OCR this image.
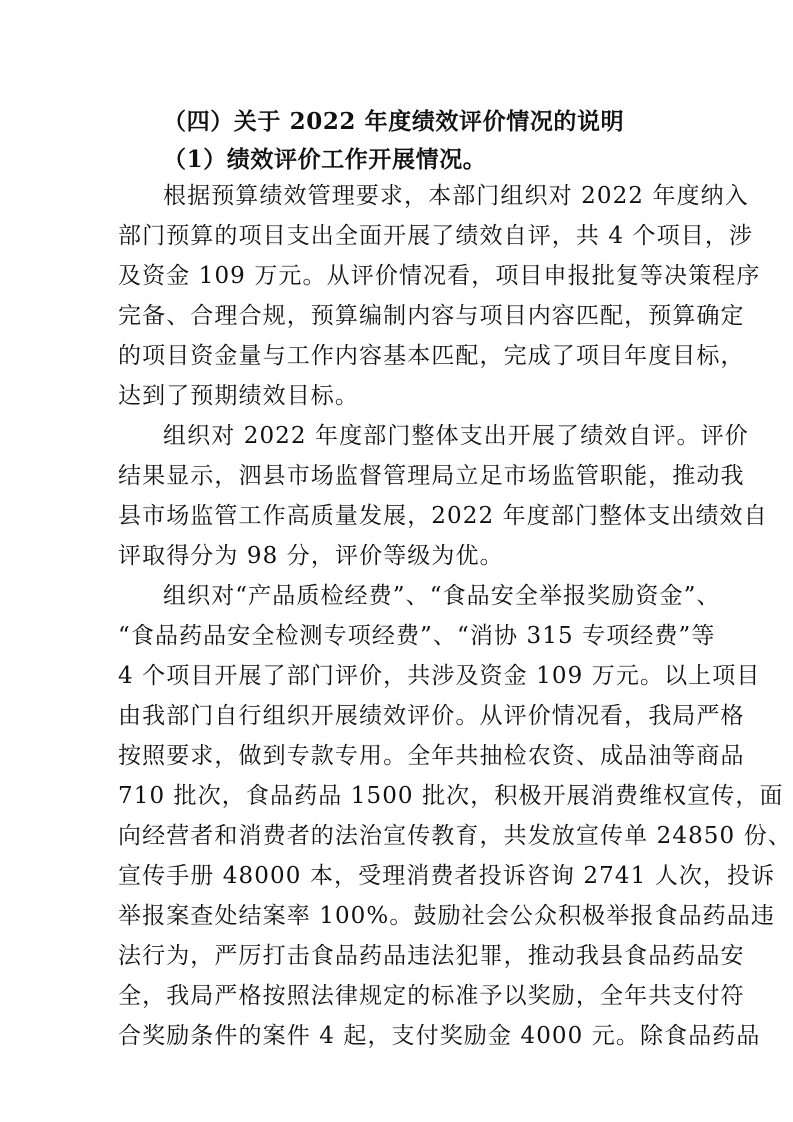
（四）关于 2022 年度绩效评价情况的说明
（1）绩效评价工作开展情况。
根据预算绩效管理要求，本部门组织对 2022 年度纳入
部门预算的项目支出全面开展了绩效自评，共 4 个项目，涉
及资金 109 万元。从评价情况看，项目申报批复等决策程序
完备、合理合规，预算编制内容与项目内容匹配，预算确定
的项目资金量与工作内容基本匹配，完成了项目年度目标，
达到了预期绩效目标。
组织对 2022 年度部门整体支出开展了绩效自评。评价
结果显示，泗县市场监督管理局立足市场监管职能，推动我
县市场监管工作高质量发展，2022 年度部门整体支出绩效自
评取得分为 98 分，评价等级为优。
组织对“产品质检经费”、“食品安全举报奖励资金”、
“食品药品安全检测专项经费”、“消协 315 专项经费”等
4 个项目开展了部门评价，共涉及资金 109 万元。以上项目
由我部门自行组织开展绩效评价。从评价情况看，我局严格
按照要求，做到专款专用。全年共抽检农资、成品油等商品
710 批次，食品药品 1500 批次，积极开展消费维权宣传，面
向经营者和消费者的法治宣传教育，共发放宣传单 24850 份、
宣传手册 48000 本，受理消费者投诉咨询 2741 人次，投诉
举报案查处结案率 100%。鼓励社会公众积极举报食品药品违
法行为，严厉打击食品药品违法犯罪，推动我县食品药品安
全，我局严格按照法律规定的标准予以奖励，全年共支付符
合奖励条件的案件 4 起，支付奖励金 4000 元。除食品药品
